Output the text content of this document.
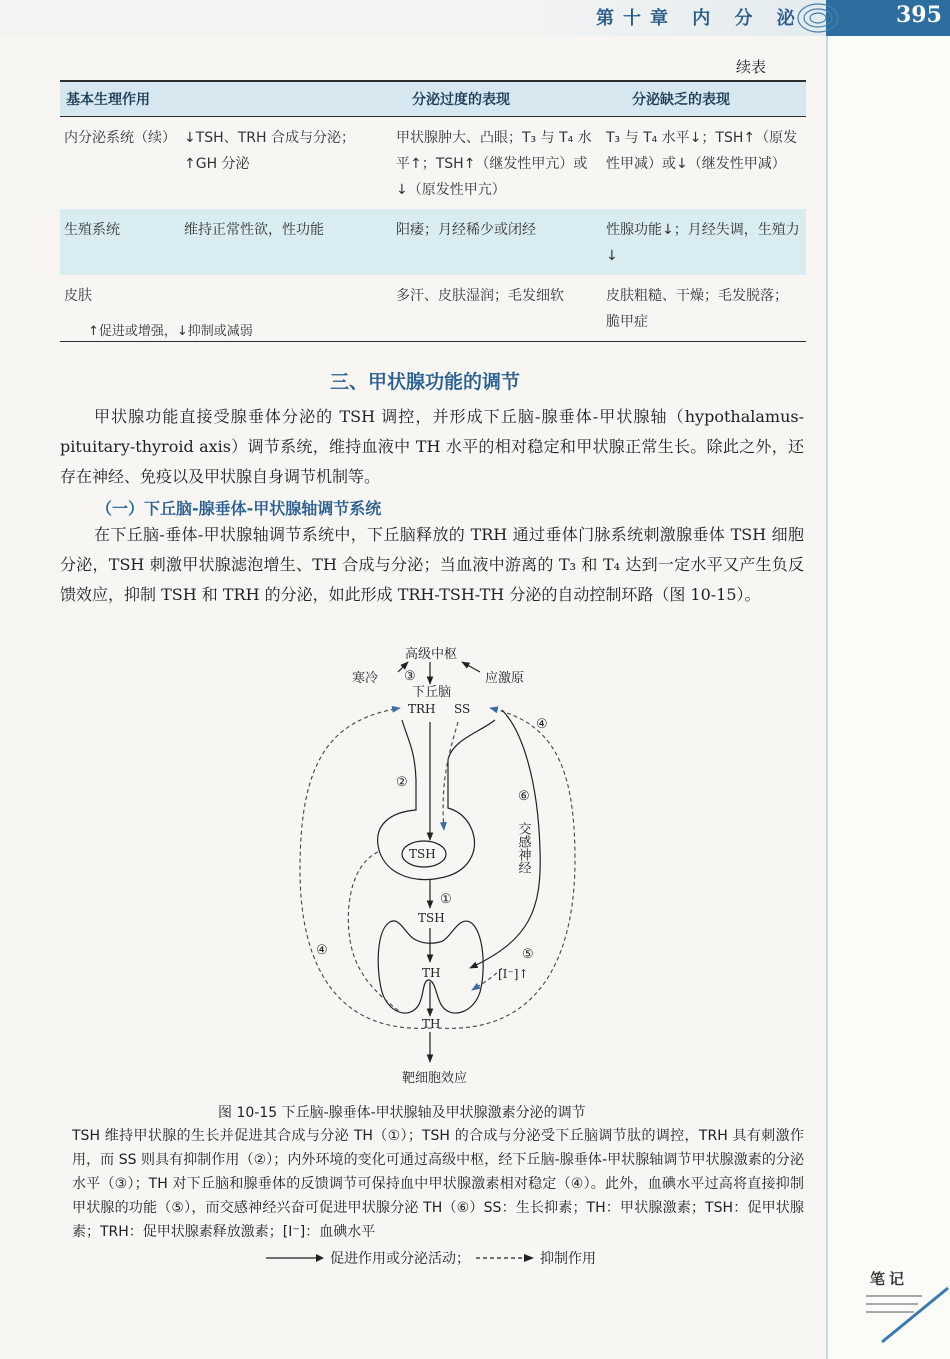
第十章 内 分 泌	395
续表
基本生理作用		分泌过度的表现	分泌缺乏的表现
内分泌系统（续）	↓TSH、TRH 合成与分泌；↑GH 分泌	甲状腺肿大、凸眼；T₃ 与 T₄ 水平↑；TSH↑（继发性甲亢）或↓（原发性甲亢）	T₃ 与 T₄ 水平↓；TSH↑（原发性甲减）或↓（继发性甲减）
生殖系统	维持正常性欲，性功能	阳痿；月经稀少或闭经	性腺功能↓；月经失调，生殖力↓
皮肤		多汗、皮肤湿润；毛发细软	皮肤粗糙、干燥；毛发脱落；脆甲症
↑促进或增强，↓抑制或减弱
三、甲状腺功能的调节

甲状腺功能直接受腺垂体分泌的 TSH 调控，并形成下丘脑-腺垂体-甲状腺轴（hypothalamus-pituitary-thyroid axis）调节系统，维持血液中 TH 水平的相对稳定和甲状腺正常生长。除此之外，还存在神经、免疫以及甲状腺自身调节机制等。

（一）下丘脑-腺垂体-甲状腺轴调节系统

在下丘脑-垂体-甲状腺轴调节系统中，下丘脑释放的 TRH 通过垂体门脉系统刺激腺垂体 TSH 细胞分泌，TSH 刺激甲状腺滤泡增生、TH 合成与分泌；当血液中游离的 T₃ 和 T₄ 达到一定水平又产生负反馈效应，抑制 TSH 和 TRH 的分泌，如此形成 TRH-TSH-TH 分泌的自动控制环路（图 10-15）。

高级中枢
寒冷	应激原
③
下丘脑
TRH SS
④
②
⑥
交感神经
TSH
①
TSH
④
TH
⑤
[I⁻]↑
TH
靶细胞效应
图 10-15 下丘脑-腺垂体-甲状腺轴及甲状腺激素分泌的调节

TSH 维持甲状腺的生长并促进其合成与分泌 TH（①）；TSH 的合成与分泌受下丘脑调节肽的调控，TRH 具有刺激作用，而 SS 则具有抑制作用（②）；内外环境的变化可通过高级中枢，经下丘脑-腺垂体-甲状腺轴调节甲状腺激素的分泌水平（③）；TH 对下丘脑和腺垂体的反馈调节可保持血中甲状腺激素相对稳定（④）。此外，血碘水平过高将直接抑制甲状腺的功能（⑤），而交感神经兴奋可促进甲状腺分泌 TH（⑥）SS：生长抑素；TH：甲状腺激素；TSH：促甲状腺素；TRH：促甲状腺素释放激素；[I⁻]：血碘水平

促进作用或分泌活动；	抑制作用
笔记
